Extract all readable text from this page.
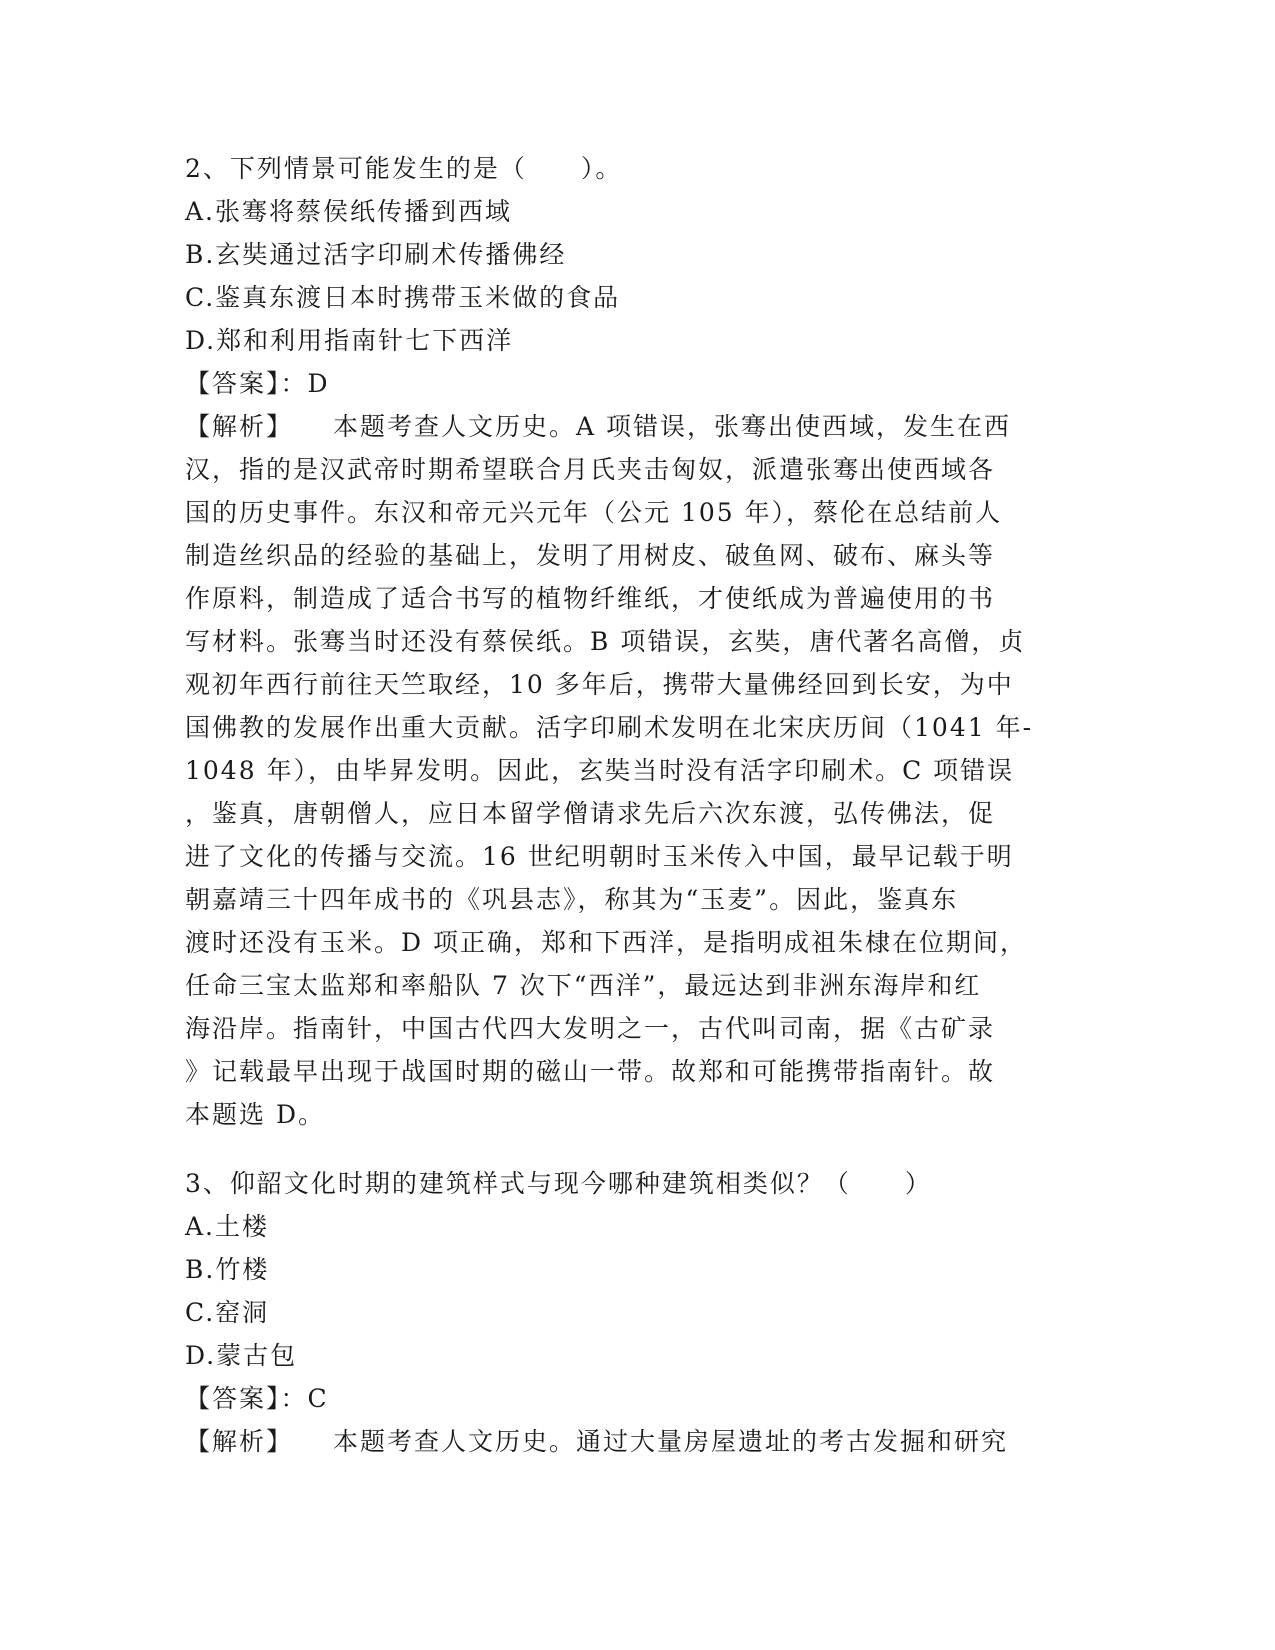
2、下列情景可能发生的是（　　）。
A.张骞将蔡侯纸传播到西域
B.玄奘通过活字印刷术传播佛经
C.鉴真东渡日本时携带玉米做的食品
D.郑和利用指南针七下西洋
【答案】：D
【解析】 本题考查人文历史。A 项错误，张骞出使西域，发生在西
汉，指的是汉武帝时期希望联合月氏夹击匈奴，派遣张骞出使西域各
国的历史事件。东汉和帝元兴元年（公元 105 年），蔡伦在总结前人
制造丝织品的经验的基础上，发明了用树皮、破鱼网、破布、麻头等
作原料，制造成了适合书写的植物纤维纸，才使纸成为普遍使用的书
写材料。张骞当时还没有蔡侯纸。B 项错误，玄奘，唐代著名高僧，贞
观初年西行前往天竺取经，10 多年后，携带大量佛经回到长安，为中
国佛教的发展作出重大贡献。活字印刷术发明在北宋庆历间（1041 年-
1048 年），由毕昇发明。因此，玄奘当时没有活字印刷术。C 项错误
，鉴真，唐朝僧人，应日本留学僧请求先后六次东渡，弘传佛法，促
进了文化的传播与交流。16 世纪明朝时玉米传入中国，最早记载于明
朝嘉靖三十四年成书的《巩县志》，称其为“玉麦”。因此，鉴真东
渡时还没有玉米。D 项正确，郑和下西洋，是指明成祖朱棣在位期间，
任命三宝太监郑和率船队 7 次下“西洋”，最远达到非洲东海岸和红
海沿岸。指南针，中国古代四大发明之一，古代叫司南，据《古矿录
》记载最早出现于战国时期的磁山一带。故郑和可能携带指南针。故
本题选 D。
3、仰韶文化时期的建筑样式与现今哪种建筑相类似？（　　）
A.土楼
B.竹楼
C.窑洞
D.蒙古包
【答案】：C
【解析】 本题考查人文历史。通过大量房屋遗址的考古发掘和研究
